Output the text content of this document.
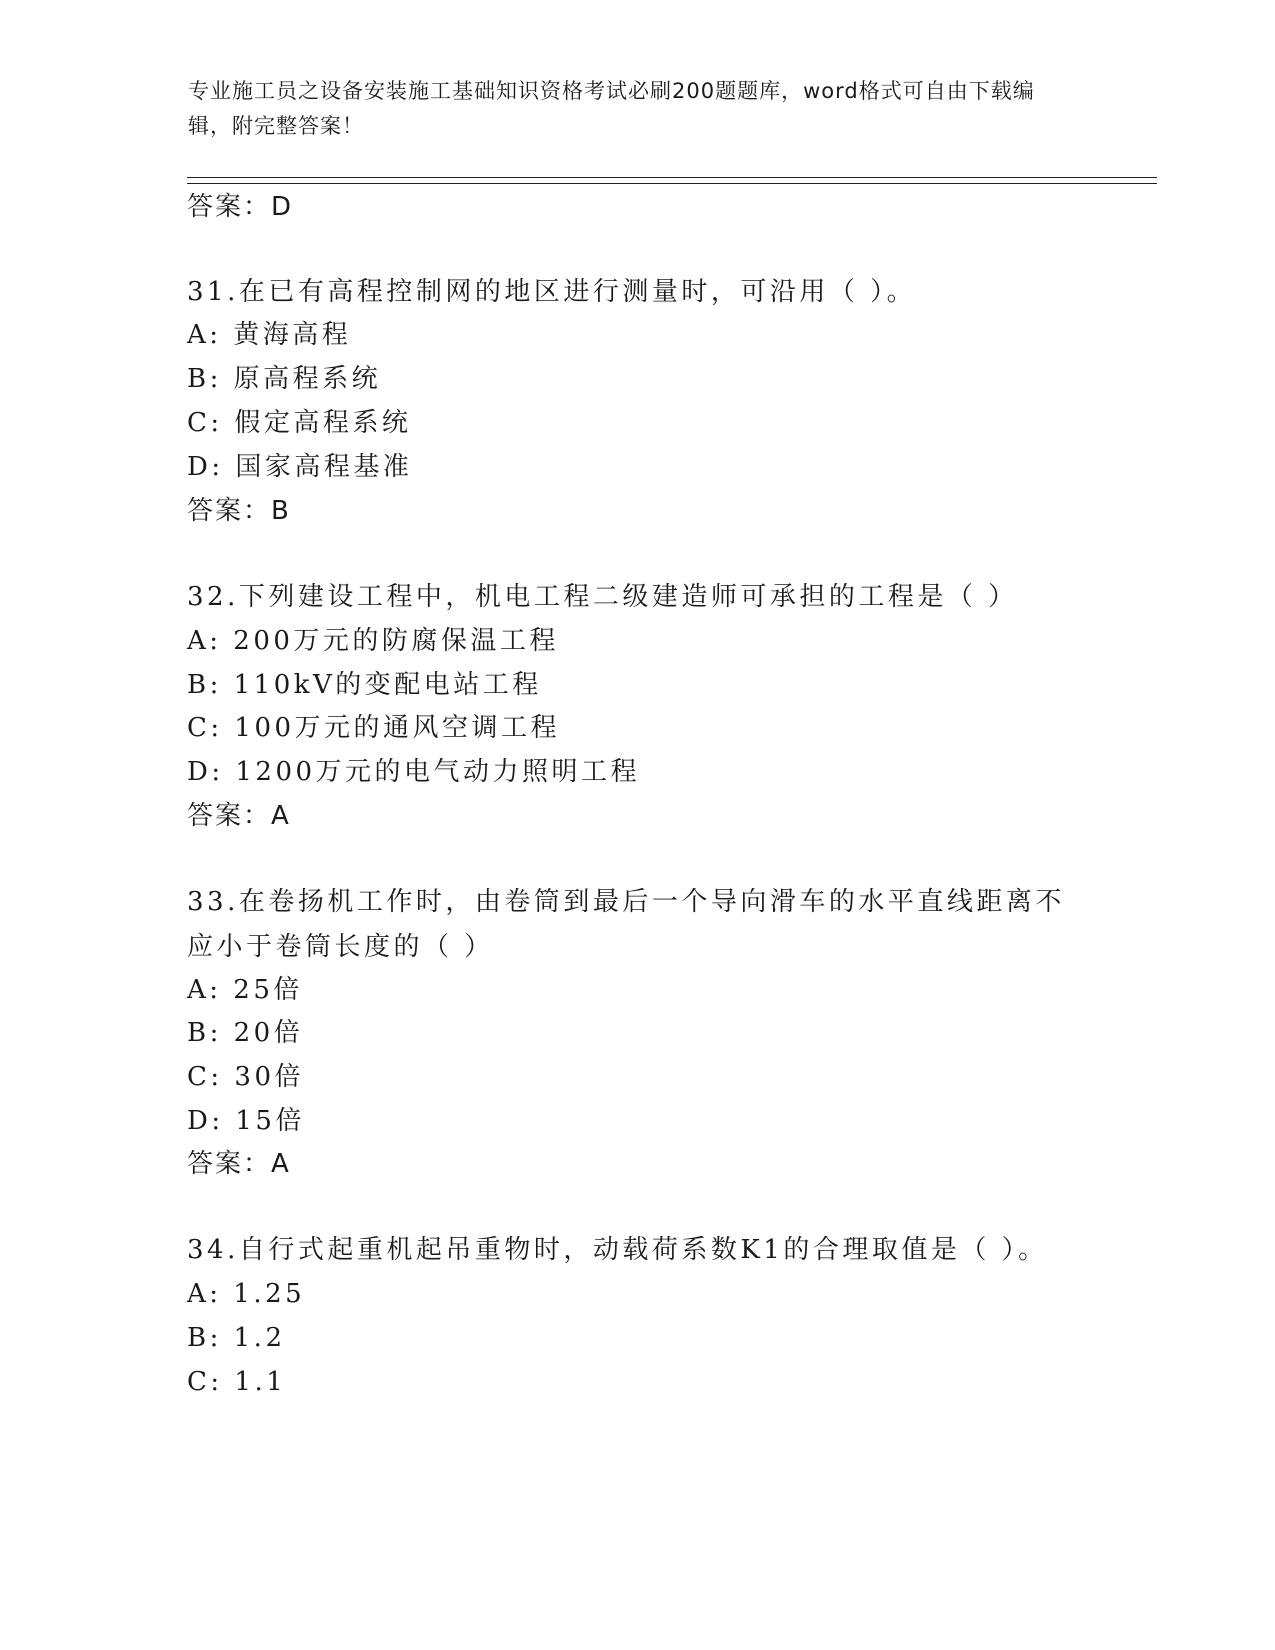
专业施工员之设备安装施工基础知识资格考试必刷200题题库，word格式可自由下载编辑，附完整答案！
答案：D
31.在已有高程控制网的地区进行测量时，可沿用（ ）。
A: 黄海高程
B: 原高程系统
C: 假定高程系统
D: 国家高程基准
答案：B
32.下列建设工程中，机电工程二级建造师可承担的工程是（ ）
A: 200万元的防腐保温工程
B: 110kV的变配电站工程
C: 100万元的通风空调工程
D: 1200万元的电气动力照明工程
答案：A
33.在卷扬机工作时，由卷筒到最后一个导向滑车的水平直线距离不应小于卷筒长度的（ ）
A: 25倍
B: 20倍
C: 30倍
D: 15倍
答案：A
34.自行式起重机起吊重物时，动载荷系数K1的合理取值是（ ）。
A: 1.25
B: 1.2
C: 1.1
